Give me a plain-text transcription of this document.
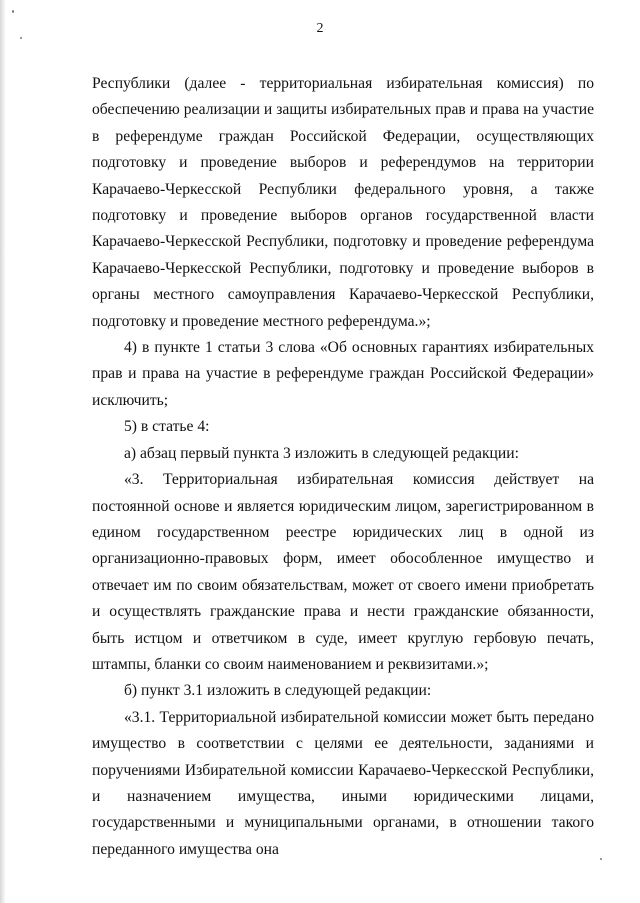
2

Республики (далее - территориальная избирательная комиссия) по обеспечению реализации и защиты избирательных прав и права на участие в референдуме граждан Российской Федерации, осуществляющих подготовку и проведение выборов и референдумов на территории Карачаево-Черкесской Республики федерального уровня, а также подготовку и проведение выборов органов государственной власти Карачаево-Черкесской Республики, подготовку и проведение референдума Карачаево-Черкесской Республики, подготовку и проведение выборов в органы местного самоуправления Карачаево-Черкесской Республики, подготовку и проведение местного референдума.»;

4) в пункте 1 статьи 3 слова «Об основных гарантиях избирательных прав и права на участие в референдуме граждан Российской Федерации» исключить;

5) в статье 4:

а) абзац первый пункта 3 изложить в следующей редакции:

«3. Территориальная избирательная комиссия действует на постоянной основе и является юридическим лицом, зарегистрированном в едином государственном реестре юридических лиц в одной из организационно-правовых форм, имеет обособленное имущество и отвечает им по своим обязательствам, может от своего имени приобретать и осуществлять гражданские права и нести гражданские обязанности, быть истцом и ответчиком в суде, имеет круглую гербовую печать, штампы, бланки со своим наименованием и реквизитами.»;

б) пункт 3.1 изложить в следующей редакции:

«3.1. Территориальной избирательной комиссии может быть передано имущество в соответствии с целями ее деятельности, заданиями и поручениями Избирательной комиссии Карачаево-Черкесской Республики, и назначением имущества, иными юридическими лицами, государственными и муниципальными органами, в отношении такого переданного имущества она
